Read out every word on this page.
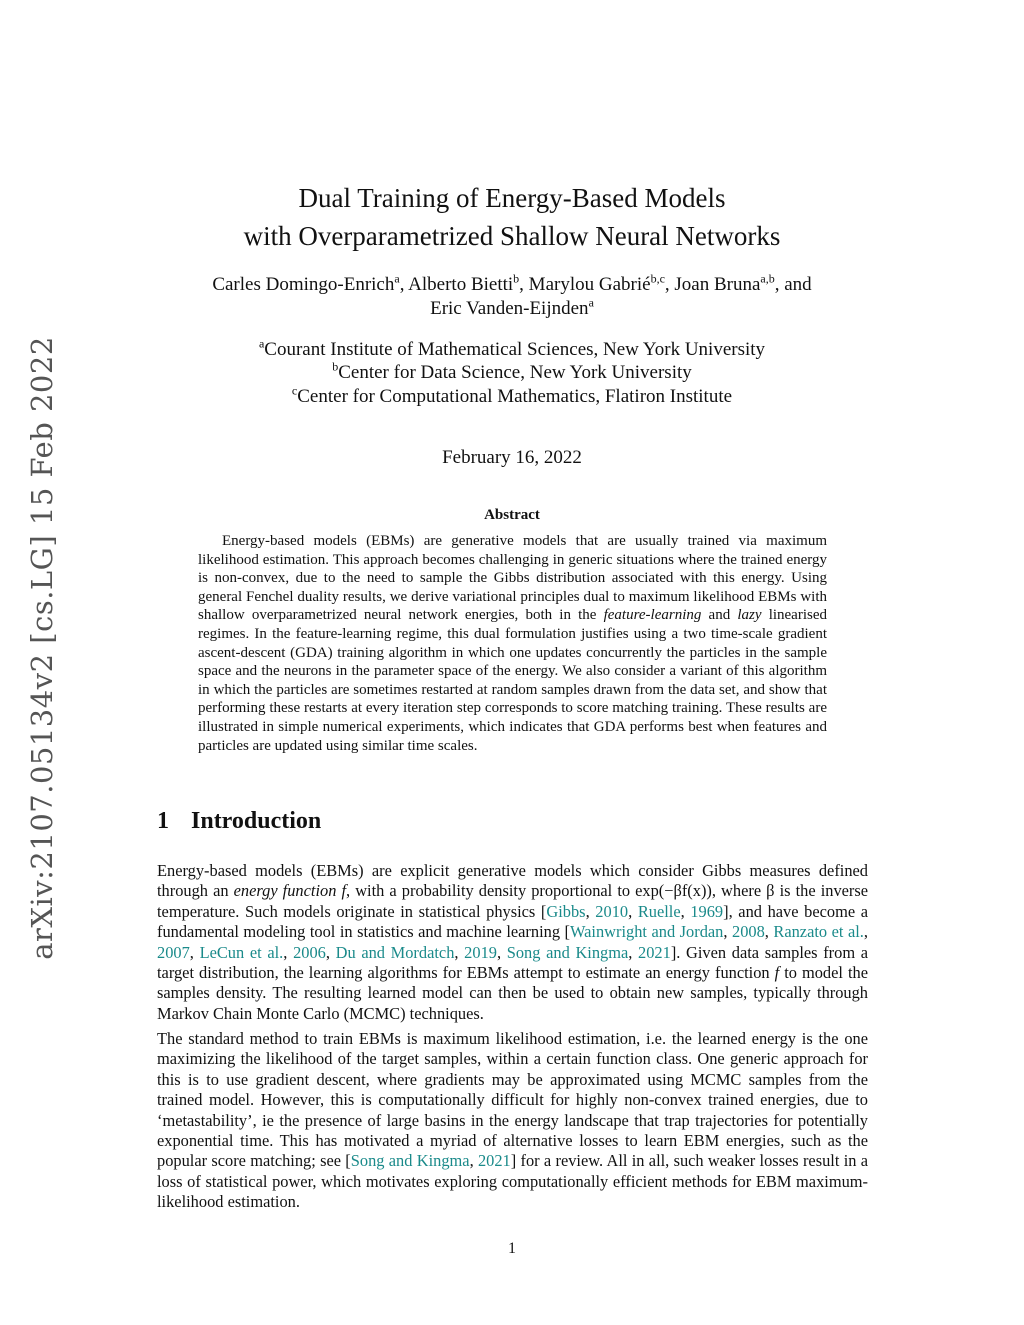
arXiv:2107.05134v2 [cs.LG] 15 Feb 2022
Dual Training of Energy-Based Models
with Overparametrized Shallow Neural Networks
Carles Domingo-Enrich$^a$, Alberto Bietti$^b$, Marylou Gabrié$^{b,c}$, Joan Bruna$^{a,b}$, and
Eric Vanden-Eijnden$^a$
$^a$Courant Institute of Mathematical Sciences, New York University
$^b$Center for Data Science, New York University
$^c$Center for Computational Mathematics, Flatiron Institute
February 16, 2022
Abstract
Energy-based models (EBMs) are generative models that are usually trained via maximum likelihood estimation. This approach becomes challenging in generic situations where the trained energy is non-convex, due to the need to sample the Gibbs distribution associated with this energy. Using general Fenchel duality results, we derive variational principles dual to maximum likelihood EBMs with shallow overparametrized neural network energies, both in the feature-learning and lazy linearised regimes. In the feature-learning regime, this dual formulation justifies using a two time-scale gradient ascent-descent (GDA) training algorithm in which one updates concurrently the particles in the sample space and the neurons in the parameter space of the energy. We also consider a variant of this algorithm in which the particles are sometimes restarted at random samples drawn from the data set, and show that performing these restarts at every iteration step corresponds to score matching training. These results are illustrated in simple numerical experiments, which indicates that GDA performs best when features and particles are updated using similar time scales.
1 Introduction
Energy-based models (EBMs) are explicit generative models which consider Gibbs measures defined through an energy function f, with a probability density proportional to exp(−βf(x)), where β is the inverse temperature. Such models originate in statistical physics [Gibbs, 2010, Ruelle, 1969], and have become a fundamental modeling tool in statistics and machine learning [Wainwright and Jordan, 2008, Ranzato et al., 2007, LeCun et al., 2006, Du and Mordatch, 2019, Song and Kingma, 2021]. Given data samples from a target distribution, the learning algorithms for EBMs attempt to estimate an energy function f to model the samples density. The resulting learned model can then be used to obtain new samples, typically through Markov Chain Monte Carlo (MCMC) techniques.
The standard method to train EBMs is maximum likelihood estimation, i.e. the learned energy is the one maximizing the likelihood of the target samples, within a certain function class. One generic approach for this is to use gradient descent, where gradients may be approximated using MCMC samples from the trained model. However, this is computationally difficult for highly non-convex trained energies, due to ‘metastability’, ie the presence of large basins in the energy landscape that trap trajectories for potentially exponential time. This has motivated a myriad of alternative losses to learn EBM energies, such as the popular score matching; see [Song and Kingma, 2021] for a review. All in all, such weaker losses result in a loss of statistical power, which motivates exploring computationally efficient methods for EBM maximum-likelihood estimation.
1
